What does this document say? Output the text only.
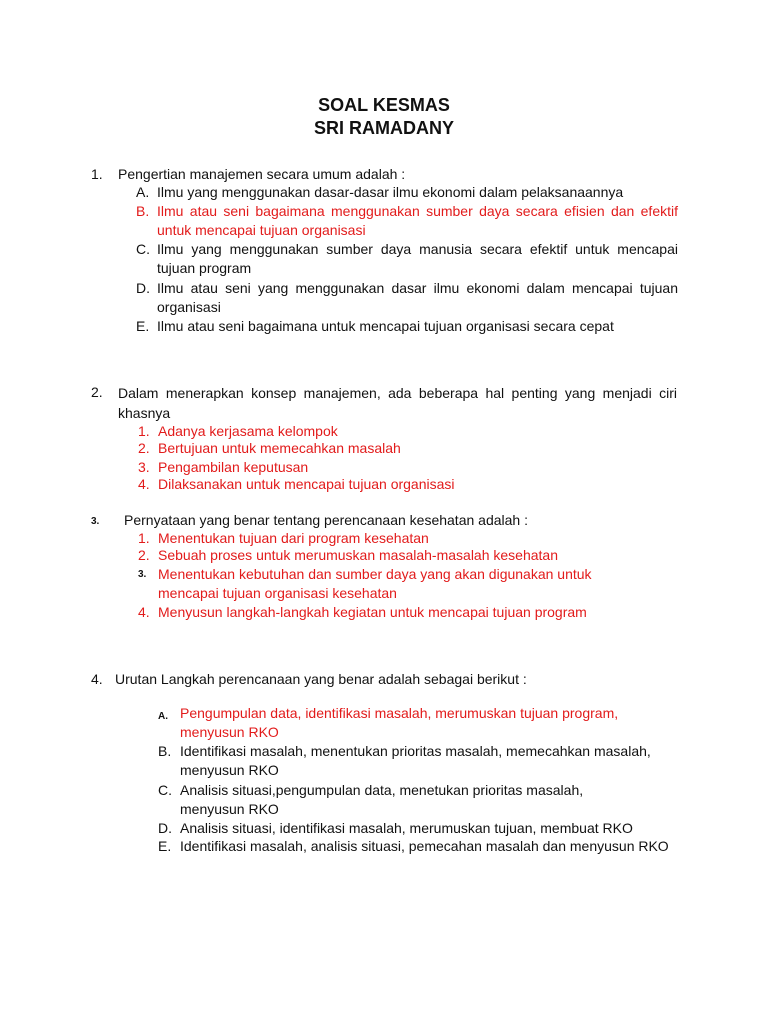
SOAL KESMAS
SRI RAMADANY
1. Pengertian manajemen secara umum adalah :
A. Ilmu yang menggunakan dasar-dasar ilmu ekonomi dalam pelaksanaannya
B. Ilmu atau seni bagaimana menggunakan sumber daya secara efisien dan efektif untuk mencapai tujuan organisasi
C. Ilmu yang menggunakan sumber daya manusia secara efektif untuk mencapai tujuan program
D. Ilmu atau seni yang menggunakan dasar ilmu ekonomi dalam mencapai tujuan organisasi
E. Ilmu atau seni bagaimana untuk mencapai tujuan organisasi secara cepat
2. Dalam menerapkan konsep manajemen, ada beberapa hal penting yang menjadi ciri khasnya
1. Adanya kerjasama kelompok
2. Bertujuan untuk memecahkan masalah
3. Pengambilan keputusan
4. Dilaksanakan untuk mencapai tujuan organisasi
3. Pernyataan yang benar tentang perencanaan kesehatan adalah :
1. Menentukan tujuan dari program kesehatan
2. Sebuah proses untuk merumuskan masalah-masalah kesehatan
3. Menentukan kebutuhan dan sumber daya yang akan digunakan untuk mencapai tujuan organisasi kesehatan
4. Menyusun langkah-langkah kegiatan untuk mencapai tujuan program
4. Urutan Langkah perencanaan yang benar adalah sebagai berikut :
A. Pengumpulan data, identifikasi masalah, merumuskan tujuan program, menyusun RKO
B. Identifikasi masalah, menentukan prioritas masalah, memecahkan masalah, menyusun RKO
C. Analisis situasi,pengumpulan data, menetukan prioritas masalah, menyusun RKO
D. Analisis situasi, identifikasi masalah, merumuskan tujuan, membuat RKO
E. Identifikasi masalah, analisis situasi, pemecahan masalah dan menyusun RKO
